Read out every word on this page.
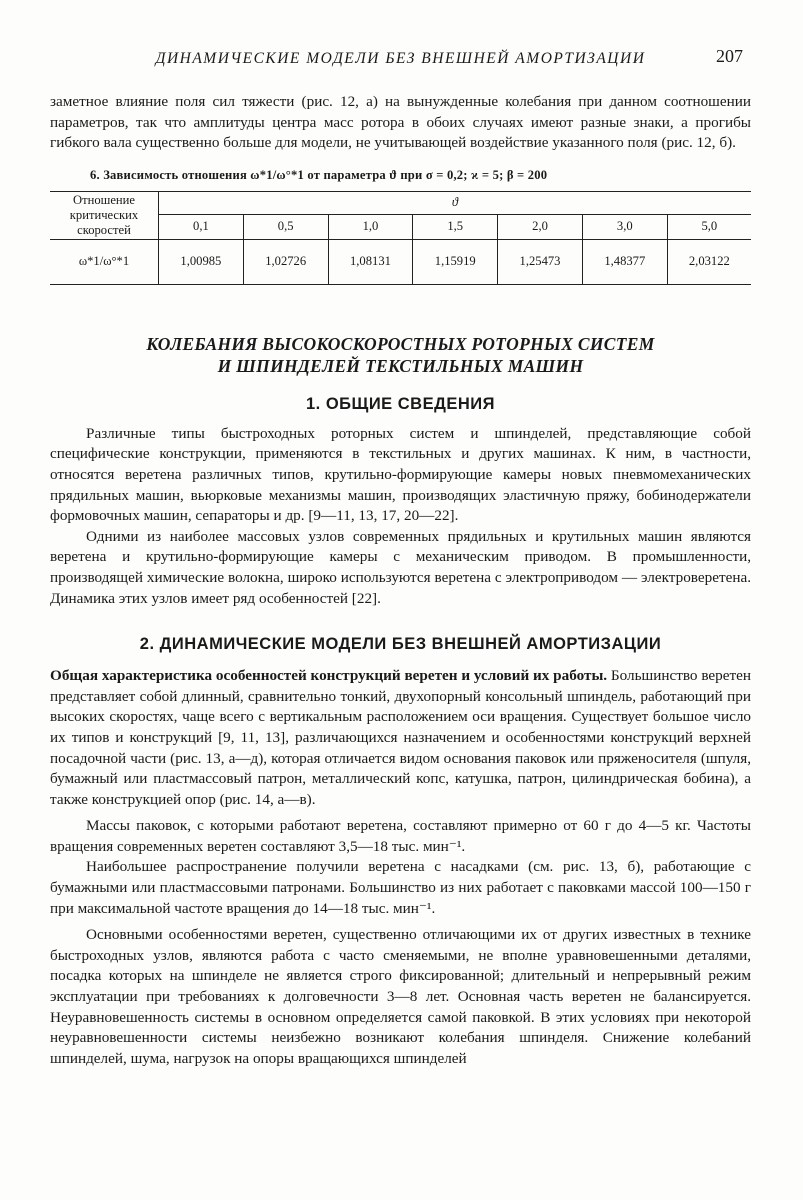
ДИНАМИЧЕСКИЕ МОДЕЛИ БЕЗ ВНЕШНЕЙ АМОРТИЗАЦИИ	207

заметное влияние поля сил тяжести (рис. 12, а) на вынужденные колебания при данном соотношении параметров, так что амплитуды центра масс ротора в обоих случаях имеют разные знаки, а прогибы гибкого вала существенно больше для модели, не учитывающей воздействие указанного поля (рис. 12, б).

6. Зависимость отношения ω*1/ω°*1 от параметра ϑ при σ = 0,2; ϰ = 5; β = 200
Отношение критических скоростей	ϑ						
	0,1	0,5	1,0	1,5	2,0	3,0	5,0
ω*1/ω°*1	1,00985	1,02726	1,08131	1,15919	1,25473	1,48377	2,03122
КОЛЕБАНИЯ ВЫСОКОСКОРОСТНЫХ РОТОРНЫХ СИСТЕМ
И ШПИНДЕЛЕЙ ТЕКСТИЛЬНЫХ МАШИН
1. ОБЩИЕ СВЕДЕНИЯ

Различные типы быстроходных роторных систем и шпинделей, представляющие собой специфические конструкции, применяются в текстильных и других машинах. К ним, в частности, относятся веретена различных типов, крутильно-формирующие камеры новых пневмомеханических прядильных машин, вьюрковые механизмы машин, производящих эластичную пряжу, бобинодержатели формовочных машин, сепараторы и др. [9—11, 13, 17, 20—22].

Одними из наиболее массовых узлов современных прядильных и крутильных машин являются веретена и крутильно-формирующие камеры с механическим приводом. В промышленности, производящей химические волокна, широко используются веретена с электроприводом — электроверетена. Динамика этих узлов имеет ряд особенностей [22].

2. ДИНАМИЧЕСКИЕ МОДЕЛИ БЕЗ ВНЕШНЕЙ АМОРТИЗАЦИИ

Общая характеристика особенностей конструкций веретен и условий их работы. Большинство веретен представляет собой длинный, сравнительно тонкий, двухопорный консольный шпиндель, работающий при высоких скоростях, чаще всего с вертикальным расположением оси вращения. Существует большое число их типов и конструкций [9, 11, 13], различающихся назначением и особенностями конструкций верхней посадочной части (рис. 13, а—д), которая отличается видом основания паковок или пряженосителя (шпуля, бумажный или пластмассовый патрон, металлический копс, катушка, патрон, цилиндрическая бобина), а также конструкцией опор (рис. 14, а—в).

Массы паковок, с которыми работают веретена, составляют примерно от 60 г до 4—5 кг. Частоты вращения современных веретен составляют 3,5—18 тыс. мин⁻¹.

Наибольшее распространение получили веретена с насадками (см. рис. 13, б), работающие с бумажными или пластмассовыми патронами. Большинство из них работает с паковками массой 100—150 г при максимальной частоте вращения до 14—18 тыс. мин⁻¹.

Основными особенностями веретен, существенно отличающими их от других известных в технике быстроходных узлов, являются работа с часто сменяемыми, не вполне уравновешенными деталями, посадка которых на шпинделе не является строго фиксированной; длительный и непрерывный режим эксплуатации при требованиях к долговечности 3—8 лет. Основная часть веретен не балансируется. Неуравновешенность системы в основном определяется самой паковкой. В этих условиях при некоторой неуравновешенности системы неизбежно возникают колебания шпинделя. Снижение колебаний шпинделей, шума, нагрузок на опоры вращающихся шпинделей
